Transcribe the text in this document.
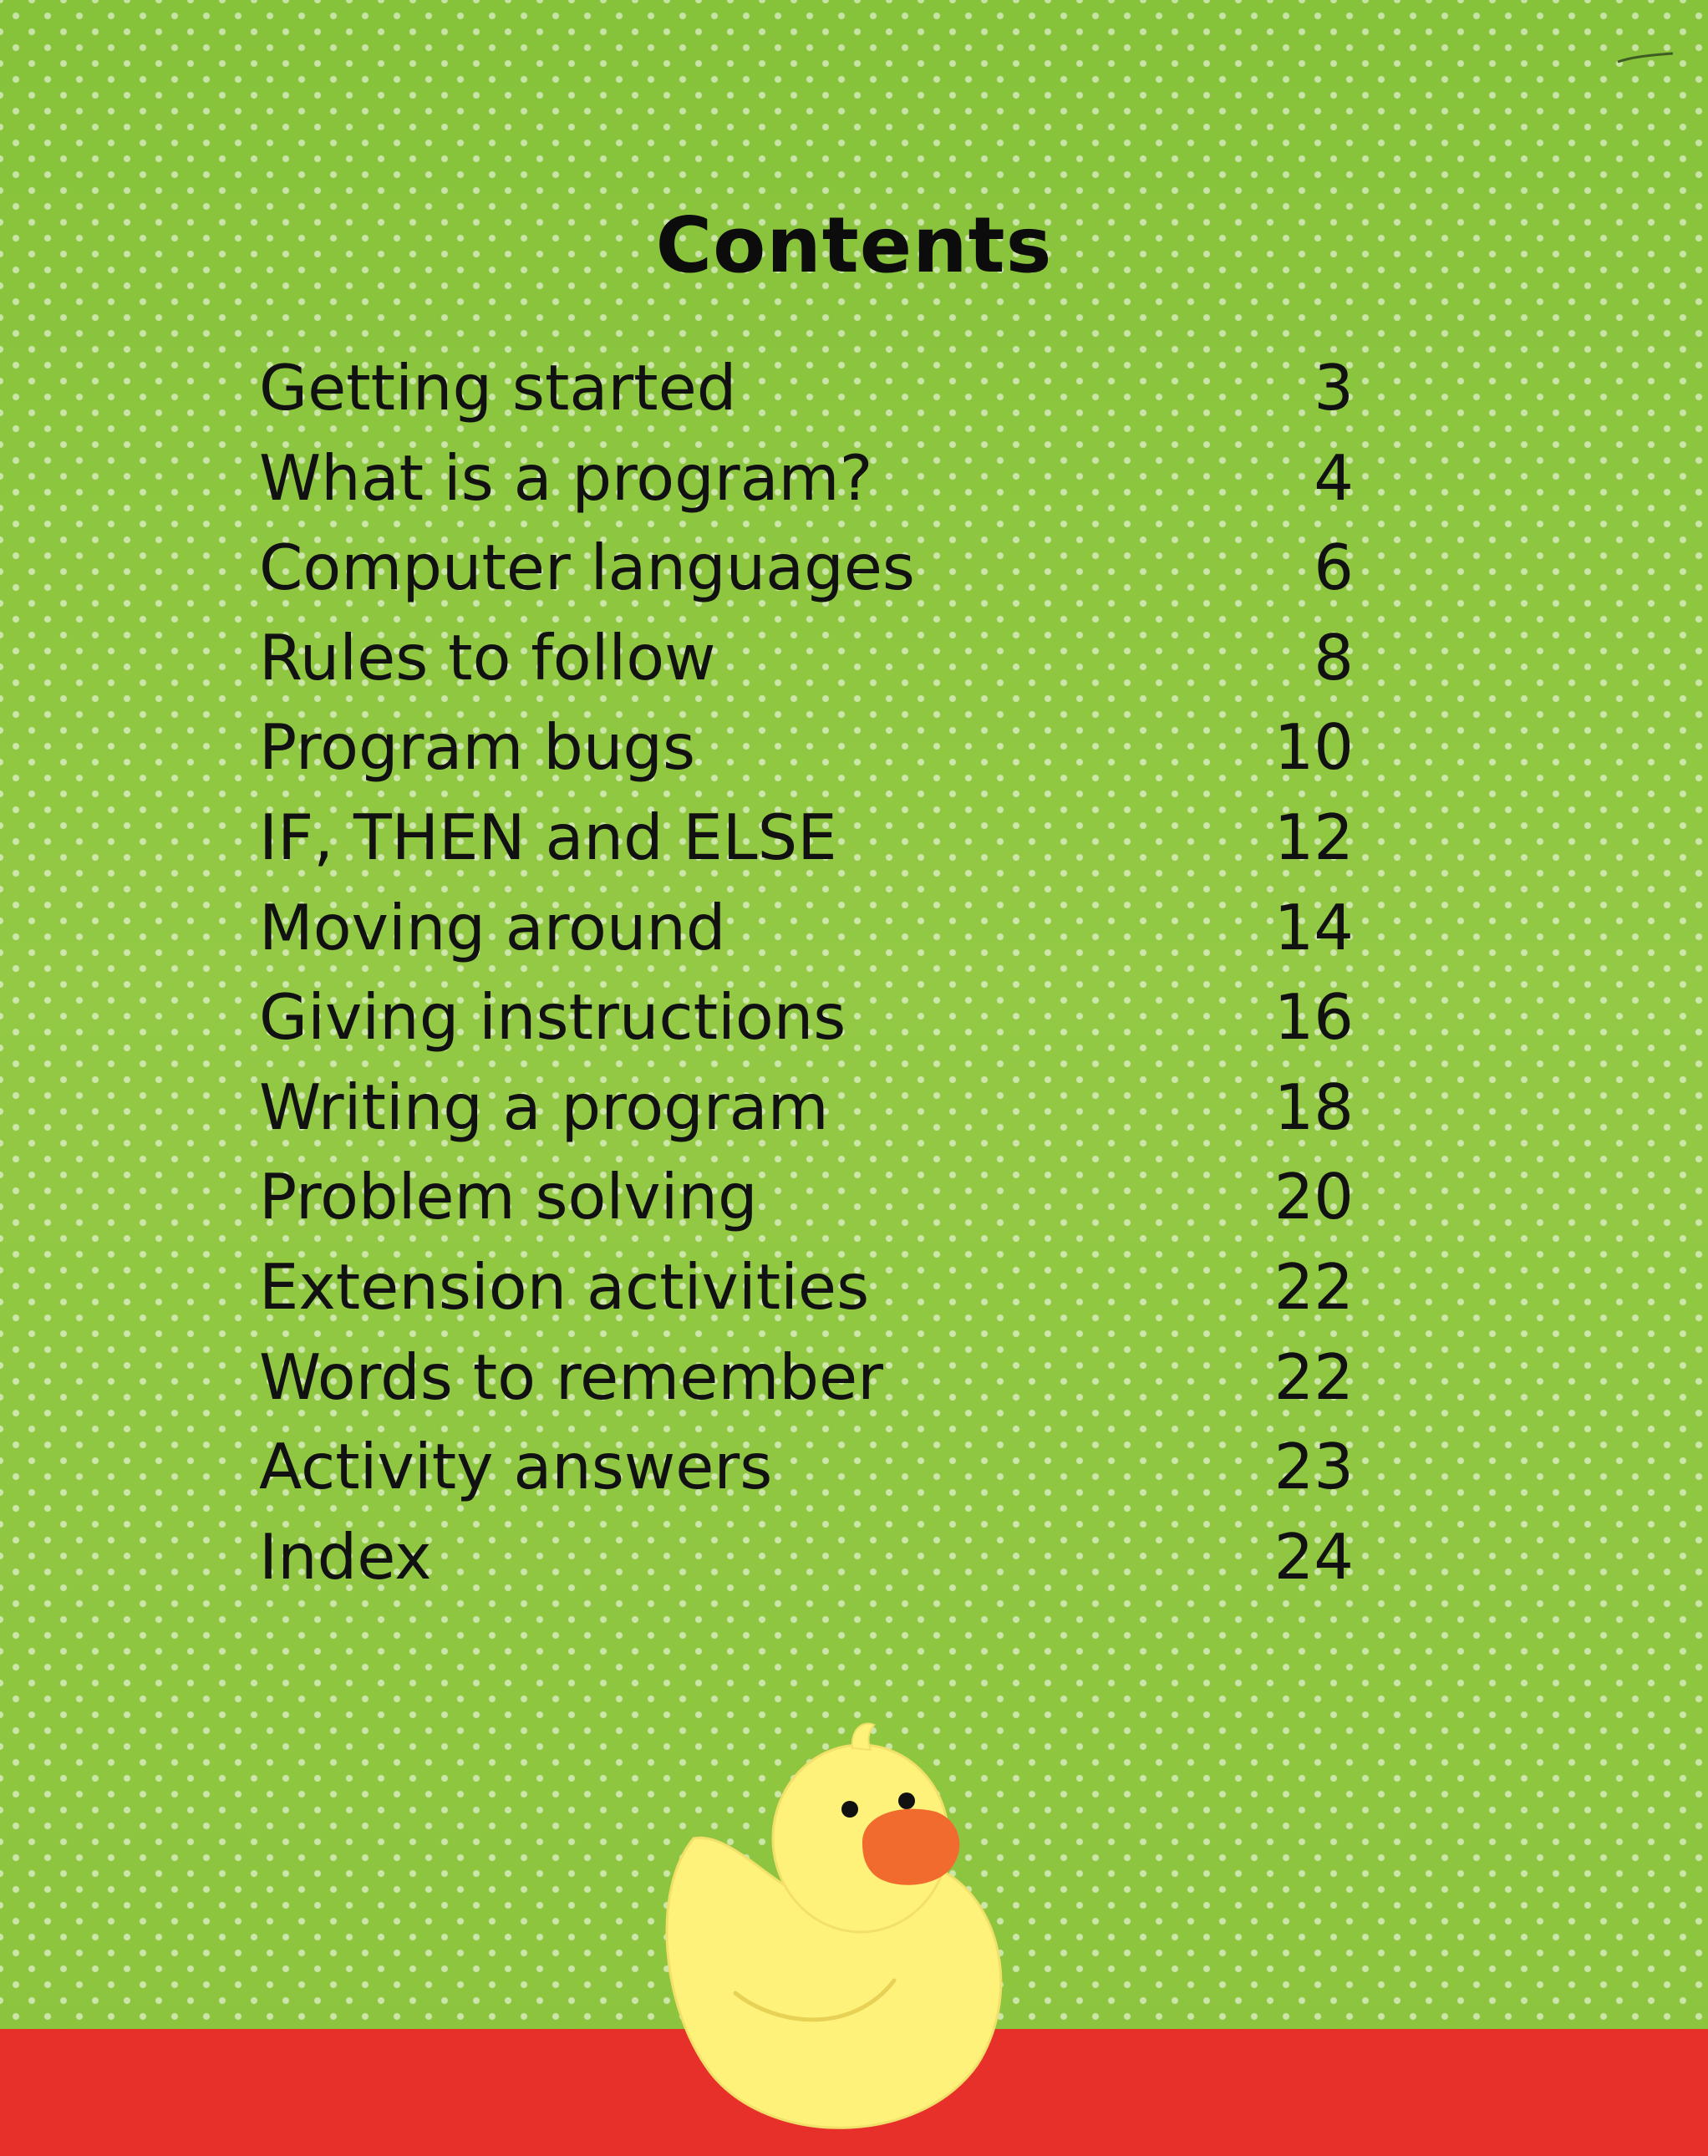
Contents
Getting started	3
What is a program?	4
Computer languages	6
Rules to follow	8
Program bugs	10
IF, THEN and ELSE	12
Moving around	14
Giving instructions	16
Writing a program	18
Problem solving	20
Extension activities	22
Words to remember	22
Activity answers	23
Index	24
